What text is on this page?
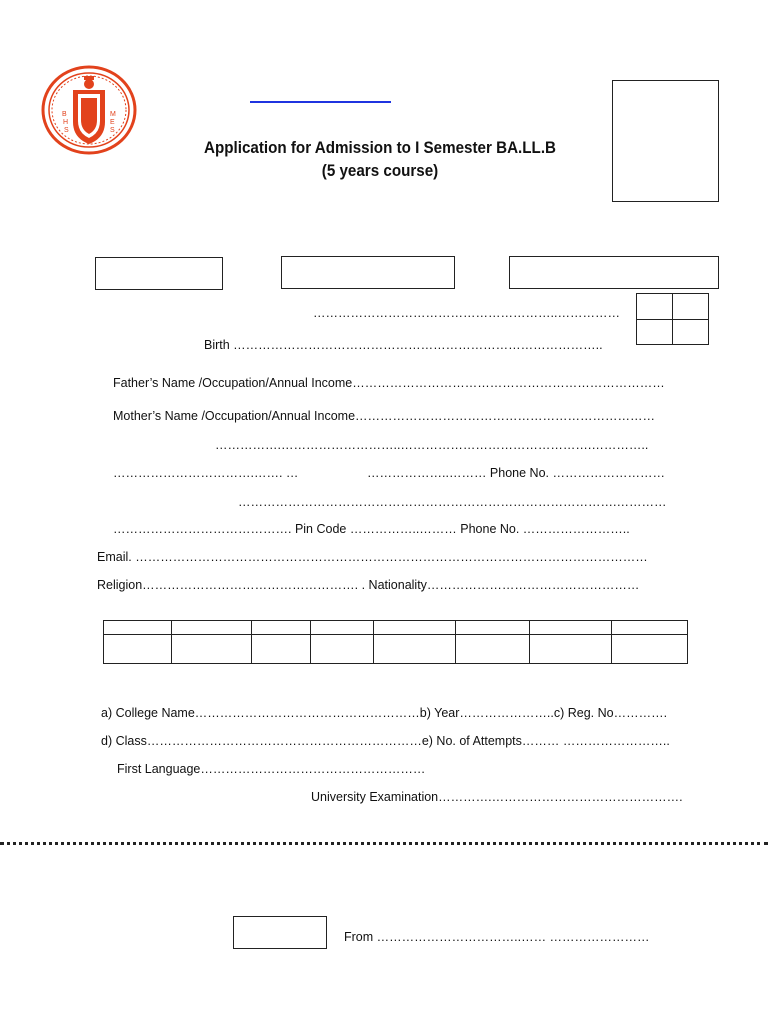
B
H
S
M
E
S
Application for Admission to I Semester BA.LL.B
(5 years course)

…………………………………………………..……………
Birth ……………………………………………………………………………..
Father’s Name /Occupation/Annual Income…………………………………………………………………
Mother’s Name /Occupation/Annual Income………………………………………………………………
…………….………………………..……………………………………….…………..
…………………………….……. …	………………..……… Phone No. ………………………
……………………………………………………………………………….…………
……………………………………. Pin Code ……………..……… Phone No. ……………………..
Email. ……………………………………………………………………………………………………………
Religion……………………………………………. . Nationality……………………………………………

a) College Name………………………………………………b) Year…………………..c) Reg. No………….
d) Class…………………………………………………………e) No. of Attempts……… ……………………..
First Language………………………………………………
University Examination………….……………………………………….
From ……………………………..…… ……………………
